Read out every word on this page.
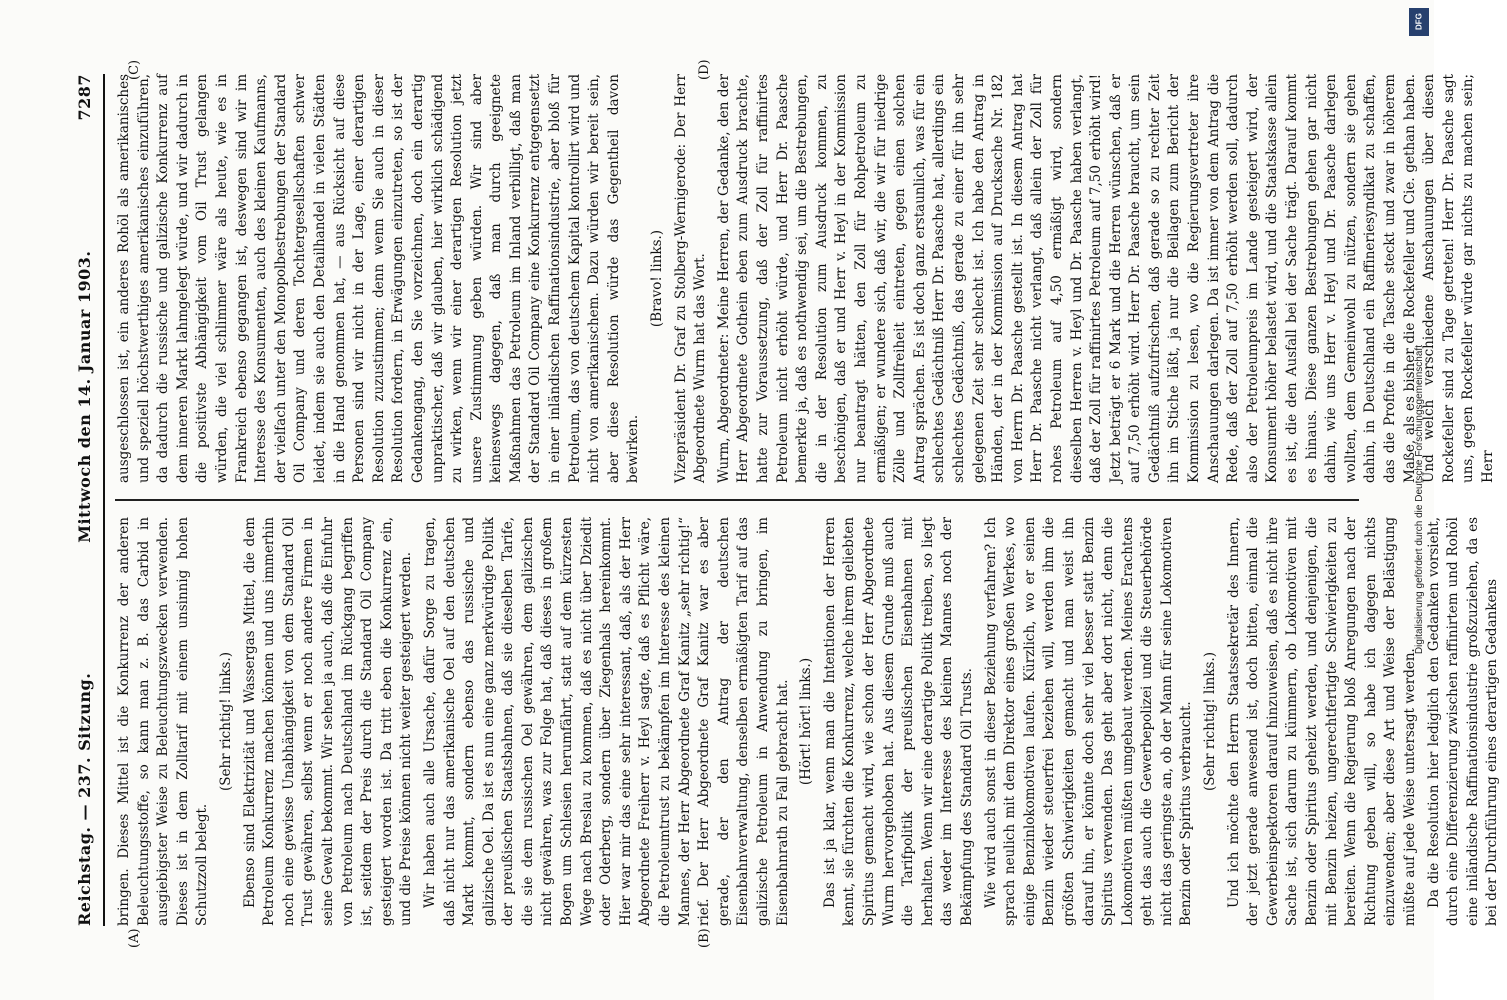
Reichstag. — 237. Sitzung.
Mittwoch den 14. Januar 1903.
7287

bringen. Dieses Mittel ist die Konkurrenz der anderen Beleuchtungsstoffe, so kann man z. B. das Carbid in ausgiebigster Weise zu Beleuchtungszwecken verwenden. Dieses ist in dem Zolltarif mit einem unsinnig hohen Schutzzoll belegt.

(Sehr richtig! links.) Ebenso sind Elektrizität und Wassergas Mittel, die dem Petroleum Konkurrenz machen können und uns immerhin noch eine gewisse Unabhängigkeit von dem Standard Oil Trust gewähren, selbst wenn er noch andere Firmen in seine Gewalt bekommt. Wir sehen ja auch, daß die Einfuhr von Petroleum nach Deutschland im Rückgang begriffen ist, seitdem der Preis durch die Standard Oil Company gesteigert worden ist. Da tritt eben die Konkurrenz ein, und die Preise können nicht weiter gesteigert werden. Wir haben auch alle Ursache, dafür Sorge zu tragen, daß nicht nur das amerikanische Oel auf den deutschen Markt kommt, sondern ebenso das russische und galizische Oel. Da ist es nun eine ganz merkwürdige Politik der preußischen Staatsbahnen, daß sie dieselben Tarife, die sie dem russischen Oel gewähren, dem galizischen nicht gewähren, was zur Folge hat, daß dieses in großem Bogen um Schlesien herumfährt, statt auf dem kürzesten Wege nach Breslau zu kommen, daß es nicht über Dziedit oder Oderberg, sondern über Ziegenhals hereinkommt. Hier war mir das eine sehr interessant, daß, als der Herr Abgeordnete Freiherr v. Heyl sagte, daß es Pflicht wäre, die Petroleumtrust zu bekämpfen im Interesse des kleinen Mannes, der Herr Abgeordnete Graf Kanitz „sehr richtig!“ rief. Der Herr Abgeordnete Graf Kanitz war es aber gerade, der den Antrag der deutschen Eisenbahnverwaltung, denselben ermäßigten Tarif auf das galizische Petroleum in Anwendung zu bringen, im Eisenbahnrath zu Fall gebracht hat. (Hört! hört! links.) Das ist ja klar, wenn man die Intentionen der Herren kennt, sie fürchten die Konkurrenz, welche ihrem geliebten Spiritus gemacht wird, wie schon der Herr Abgeordnete Wurm hervorgehoben hat. Aus diesem Grunde muß auch die Tarifpolitik der preußischen Eisenbahnen mit herhalten. Wenn wir eine derartige Politik treiben, so liegt das weder im Interesse des kleinen Mannes noch der Bekämpfung des Standard Oil Trusts. Wie wird auch sonst in dieser Beziehung verfahren? Ich sprach neulich mit dem Direktor eines großen Werkes, wo einige Benzinlokomotiven laufen. Kürzlich, wo er seinen Benzin wieder steuerfrei beziehen will, werden ihm die größten Schwierigkeiten gemacht und man weist ihn darauf hin, er könnte doch sehr viel besser statt Benzin Spiritus verwenden. Das geht aber dort nicht, denn die Lokomotiven müßten umgebaut werden. Meines Erachtens geht das auch die Gewerbepolizei und die Steuerbehörde nicht das geringste an, ob der Mann für seine Lokomotiven Benzin oder Spiritus verbraucht. (Sehr richtig! links.) Und ich möchte den Herrn Staatssekretär des Innern, der jetzt gerade anwesend ist, doch bitten, einmal die Gewerbeinspektoren darauf hinzuweisen, daß es nicht ihre Sache ist, sich darum zu kümmern, ob Lokomotiven mit Benzin oder Spiritus geheizt werden, und denjenigen, die mit Benzin heizen, ungerechtfertigte Schwierigkeiten zu bereiten. Wenn die Regierung bloß Anregungen nach der Richtung geben will, so habe ich dagegen nichts einzuwenden; aber diese Art und Weise der Belästigung müßte auf jede Weise untersagt werden. Da die Resolution hier lediglich den Gedanken vorsieht, durch eine Differenzierung zwischen raffinirtem und Rohöl eine inländische Raffinationsindustrie großzuziehen, da es bei der Durchführung eines derartigen Gedankens

ausgeschlossen ist, ein anderes Rohöl als amerikanisches und speziell höchstwerthiges amerikanisches einzuführen, da dadurch die russische und galizische Konkurrenz auf dem inneren Markt lahmgelegt würde, und wir dadurch in die positivste Abhängigkeit vom Oil Trust gelangen würden, die viel schlimmer wäre als heute, wie es in Frankreich ebenso gegangen ist, deswegen sind wir im Interesse des Konsumenten, auch des kleinen Kaufmanns, der vielfach unter den Monopolbestrebungen der Standard Oil Company und deren Tochtergesellschaften schwer leidet, indem sie auch den Detailhandel in vielen Städten in die Hand genommen hat, — aus Rücksicht auf diese Personen sind wir nicht in der Lage, einer derartigen Resolution zuzustimmen; denn wenn Sie auch in dieser Resolution fordern, in Erwägungen einzutreten, so ist der Gedankengang, den Sie vorzeichnen, doch ein derartig unpraktischer, daß wir glauben, hier wirklich schädigend zu wirken, wenn wir einer derartigen Resolution jetzt unsere Zustimmung geben würden. Wir sind aber keineswegs dagegen, daß man durch geeignete Maßnahmen das Petroleum im Inland verbilligt, daß man der Standard Oil Company eine Konkurrenz entgegensetzt in einer inländischen Raffinationsindustrie, aber bloß für Petroleum, das von deutschem Kapital kontrollirt wird und nicht von amerikanischem. Dazu würden wir bereit sein, aber diese Resolution würde das Gegentheil davon bewirken.

(Bravo! links.) Vizepräsident Dr. Graf zu Stolberg-Wernigerode: Der Herr Abgeordnete Wurm hat das Wort. Wurm, Abgeordneter: Meine Herren, der Gedanke, den der Herr Abgeordnete Gothein eben zum Ausdruck brachte, hatte zur Voraussetzung, daß der Zoll für raffinirtes Petroleum nicht erhöht würde, und Herr Dr. Paasche bemerkte ja, daß es nothwendig sei, um die Bestrebungen, die in der Resolution zum Ausdruck kommen, zu beschönigen, daß er und Herr v. Heyl in der Kommission nur beantragt hätten, den Zoll für Rohpetroleum zu ermäßigen; er wundere sich, daß wir, die wir für niedrige Zölle und Zollfreiheit eintreten, gegen einen solchen Antrag sprächen. Es ist doch ganz erstaunlich, was für ein schlechtes Gedächtniß Herr Dr. Paasche hat, allerdings ein schlechtes Gedächtniß, das gerade zu einer für ihn sehr gelegenen Zeit sehr schlecht ist. Ich habe den Antrag in Händen, der in der Kommission auf Drucksache Nr. 182 von Herrn Dr. Paasche gestellt ist. In diesem Antrag hat Herr Dr. Paasche nicht verlangt, daß allein der Zoll für rohes Petroleum auf 4,50 ermäßigt wird, sondern dieselben Herren v. Heyl und Dr. Paasche haben verlangt, daß der Zoll für raffinirtes Petroleum auf 7,50 erhöht wird! Jetzt beträgt er 6 Mark und die Herren wünschen, daß er auf 7,50 erhöht wird. Herr Dr. Paasche braucht, um sein Gedächtniß aufzufrischen, daß gerade so zu rechter Zeit ihn im Stiche läßt, ja nur die Beilagen zum Bericht der Kommission zu lesen, wo die Regierungsvertreter ihre Anschauungen darlegen. Da ist immer von dem Antrag die Rede, daß der Zoll auf 7,50 erhöht werden soll, dadurch also der Petroleumpreis im Lande gesteigert wird, der Konsument höher belastet wird, und die Staatskasse allein es ist, die den Ausfall bei der Sache trägt. Darauf kommt es hinaus. Diese ganzen Bestrebungen gehen gar nicht dahin, wie uns Herr v. Heyl und Dr. Paasche darlegen wollten, dem Gemeinwohl zu nützen, sondern sie gehen dahin, in Deutschland ein Raffineriesyndikat zu schaffen, das die Profite in die Tasche steckt und zwar in höherem Maße, als es bisher die Rockefeller und Cie. gethan haben. Und welch verschiedene Anschauungen über diesen Rockefeller sind zu Tage getreten! Herr Dr. Paasche sagt uns, gegen Rockefeller würde gar nichts zu machen sein; Herr

(A)	(B)
(C)	(D)
DFG
Digitalisierung gefördert durch die Deutsche Forschungsgemeinschaft
